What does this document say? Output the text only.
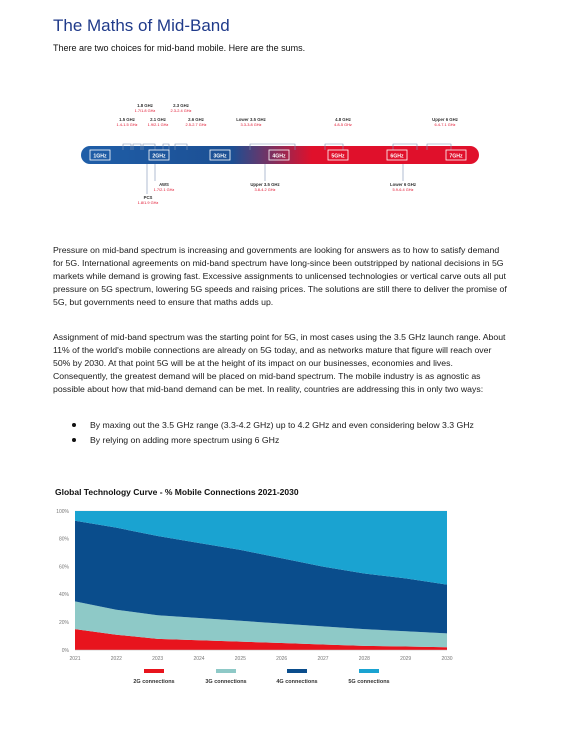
The Maths of Mid-Band
There are two choices for mid-band mobile. Here are the sums.
1GHz	2GHz	3GHz	4GHz	5GHz	6GHz	7GHz
1.5 GHz
1.4-1.5 GHz
1.8 GHz
1.7/1.8 GHz
2.1 GHz
1.9/2.1 GHz
2.3 GHz
2.3-2.4 GHz
2.6 GHz
2.5-2.7 GHz
Lower 3.5 GHz
3.3-3.8 GHz
4.8 GHz
4.8-5 GHz
Upper 6 GHz
6.4-7.1 GHz
AWS
1.7/2.1 GHz
PCS
1.8/1.9 GHz
Upper 3.5 GHz
3.8-4.2 GHz
Lower 6 GHz
5.9-6.4 GHz
Pressure on mid-band spectrum is increasing and governments are looking for answers as to how to satisfy demand for 5G. International agreements on mid-band spectrum have long-since been outstripped by national decisions in 5G markets while demand is growing fast. Excessive assignments to unlicensed technologies or vertical carve outs all put pressure on 5G spectrum, lowering 5G speeds and raising prices. The solutions are still there to deliver the promise of 5G, but governments need to ensure that maths adds up.
Assignment of mid-band spectrum was the starting point for 5G, in most cases using the 3.5 GHz launch range. About 11% of the world's mobile connections are already on 5G today, and as networks mature that figure will reach over 50% by 2030. At that point 5G will be at the height of its impact on our businesses, economies and lives. Consequently, the greatest demand will be placed on mid-band spectrum. The mobile industry is as agnostic as possible about how that mid-band demand can be met. In reality, countries are addressing this in only two ways:
By maxing out the 3.5 GHz range (3.3-4.2 GHz) up to 4.2 GHz and even considering below 3.3 GHz
By relying on adding more spectrum using 6 GHz
Global Technology Curve - % Mobile Connections 2021-2030
0%
20%
40%
60%
80%
100%
2021	2022	2023	2024	2025	2026	2027	2028	2029	2030
2G connections	3G connections	4G connections	5G connections
